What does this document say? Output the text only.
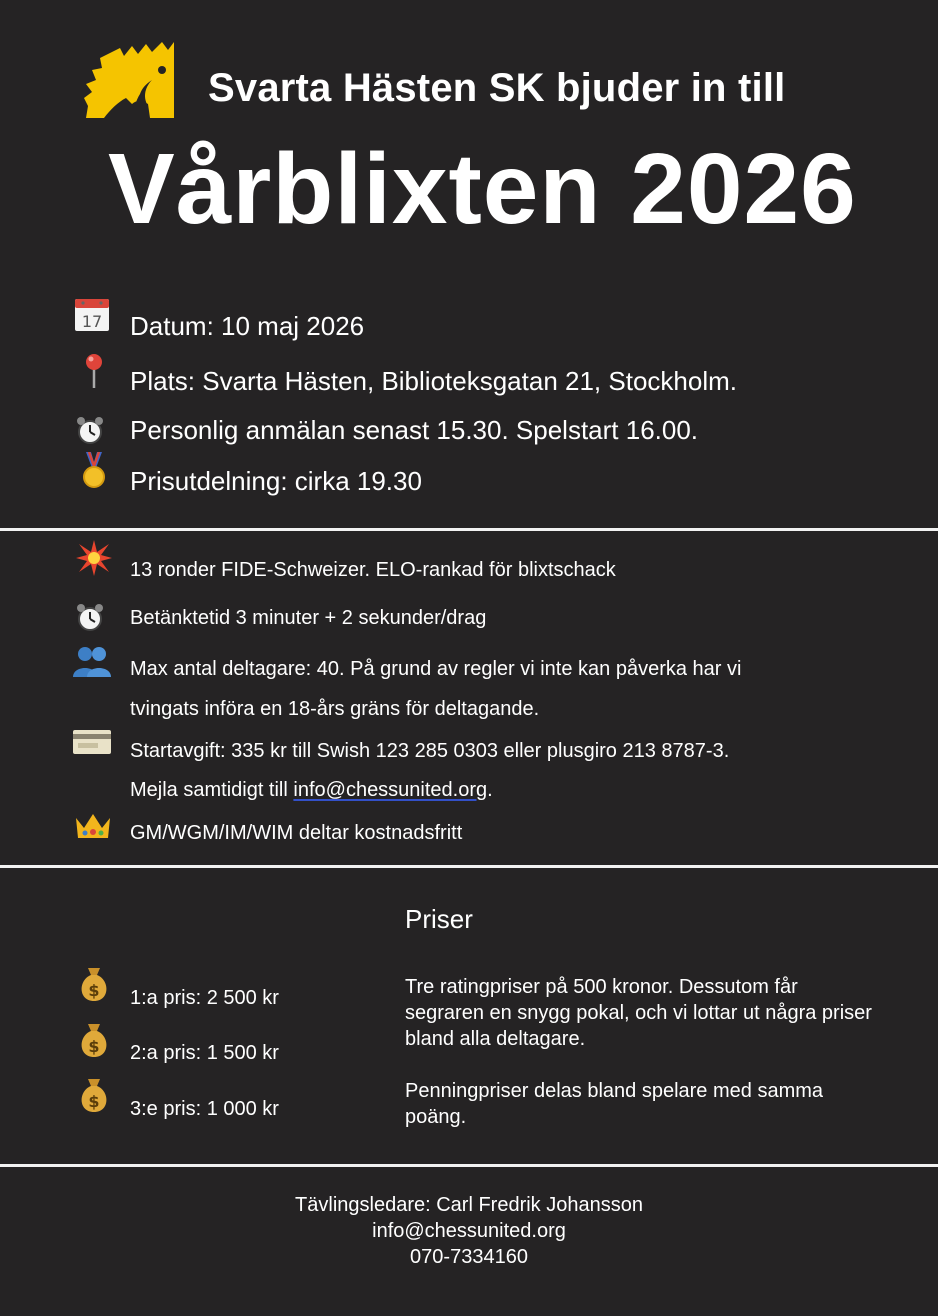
Svarta Hästen SK bjuder in till
Vårblixten 2026
17 Datum: 10 maj 2026
Plats: Svarta Hästen, Biblioteksgatan 21, Stockholm.
Personlig anmälan senast 15.30. Spelstart 16.00.
Prisutdelning: cirka 19.30
13 ronder FIDE-Schweizer. ELO-rankad för blixtschack
Betänktetid 3 minuter + 2 sekunder/drag
Max antal deltagare: 40. På grund av regler vi inte kan påverka har vi
tvingats införa en 18-års gräns för deltagande.
Startavgift: 335 kr till Swish 123 285 0303 eller plusgiro 213 8787-3.
Mejla samtidigt till info@chessunited.org.
GM/WGM/IM/WIM deltar kostnadsfritt
Priser
$ 1:a pris: 2 500 kr
$ 2:a pris: 1 500 kr
$ 3:e pris: 1 000 kr
Tre ratingpriser på 500 kronor. Dessutom får segraren en snygg pokal, och vi lottar ut några priser bland alla deltagare.
Penningpriser delas bland spelare med samma poäng.
Tävlingsledare: Carl Fredrik Johansson
info@chessunited.org
070-7334160
